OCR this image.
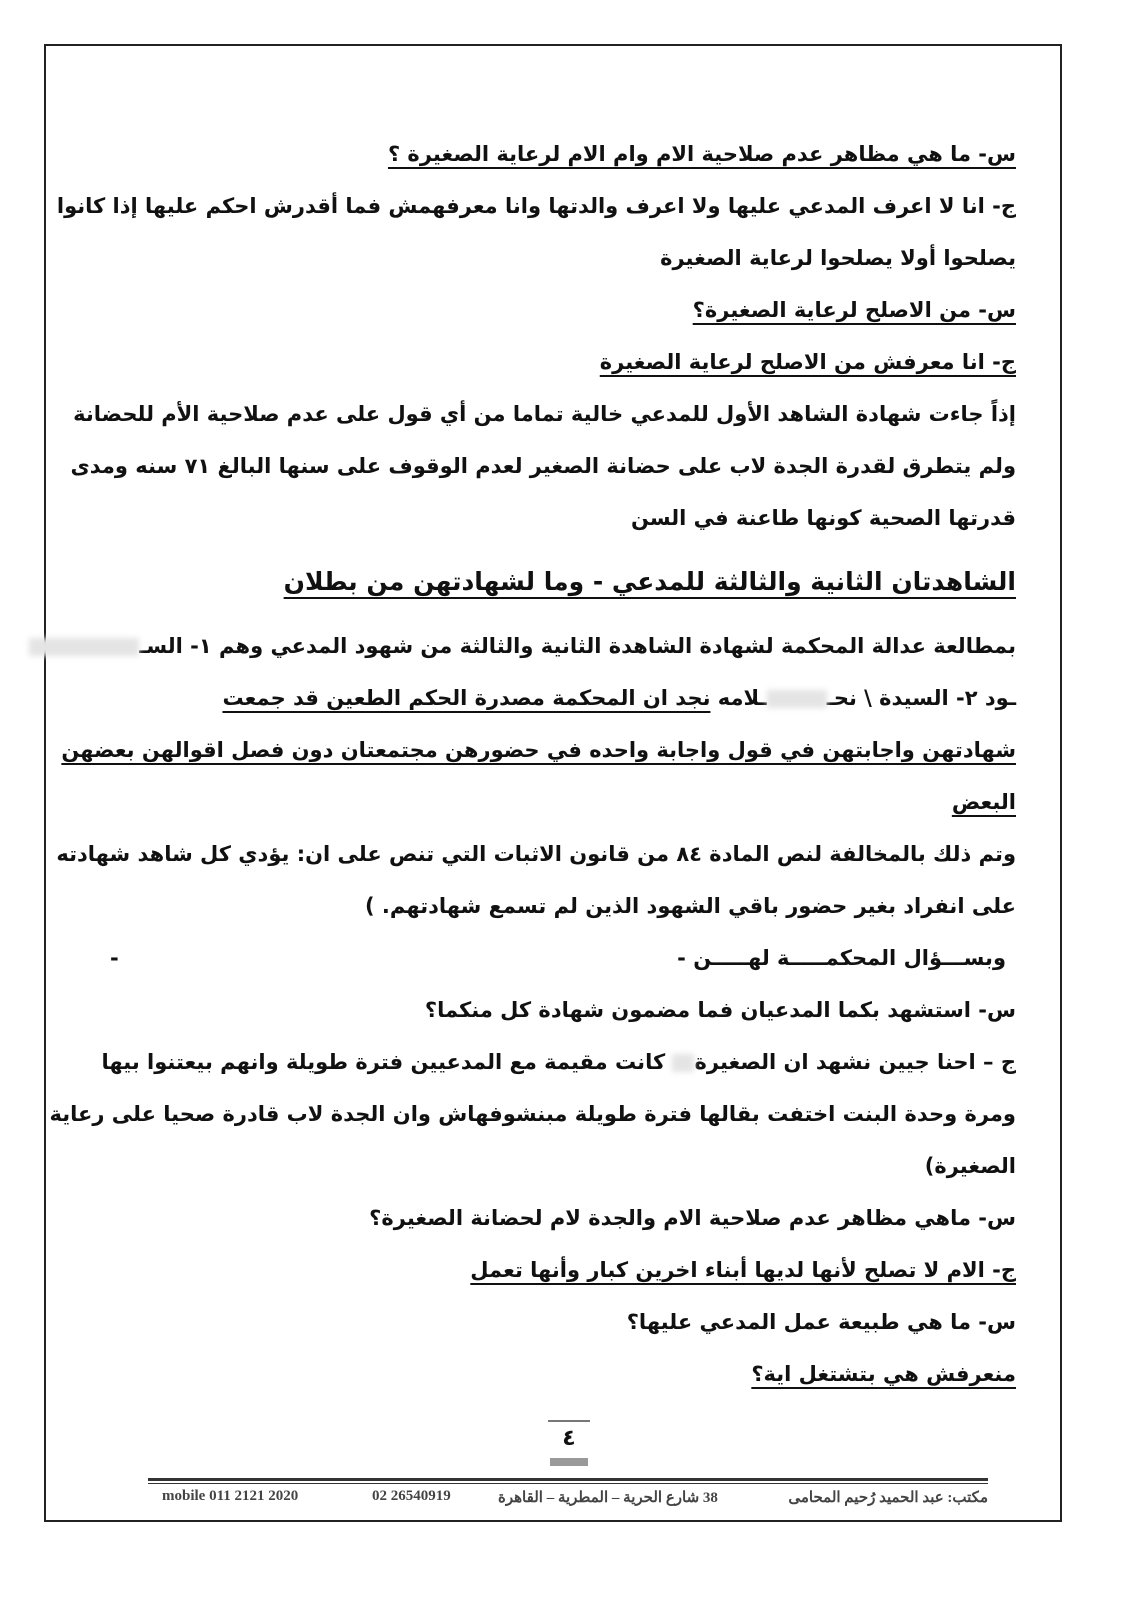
س- ما هي مظاهر عدم صلاحية الام وام الام لرعاية الصغيرة ؟
ج- انا لا اعرف المدعي عليها ولا اعرف والدتها وانا معرفهمش فما أقدرش احكم عليها إذا كانوا
يصلحوا أولا يصلحوا لرعاية الصغيرة
س- من الاصلح لرعاية الصغيرة؟
ج- انا معرفش من الاصلح لرعاية الصغيرة
إذاً جاءت شهادة الشاهد الأول للمدعي خالية تماما من أي قول على عدم صلاحية الأم للحضانة
ولم يتطرق لقدرة الجدة لاب على حضانة الصغير لعدم الوقوف على سنها البالغ ٧١ سنه ومدى
قدرتها الصحية كونها طاعنة في السن
الشاهدتان الثانية والثالثة للمدعي - وما لشهادتهن من بطلان
بمطالعة عدالة المحكمة لشهادة الشاهدة الثانية والثالثة من شهود المدعي وهم ١- السـ
ـود ٢- السيدة \ نحــلامه نجد ان المحكمة مصدرة الحكم الطعين قد جمعت
شهادتهن واجابتهن في قول واجابة واحده في حضورهن مجتمعتان دون فصل اقوالهن بعضهن
البعض
وتم ذلك بالمخالفة لنص المادة ٨٤ من قانون الاثبات التي تنص على ان: يؤدي كل شاهد شهادته
على انفراد بغير حضور باقي الشهود الذين لم تسمع شهادتهم. )
وبســـؤال المحكمـــــة لهـــــن -
-
س- استشهد بكما المدعيان فما مضمون شهادة كل منكما؟
ج – احنا جيين نشهد ان الصغيرة كانت مقيمة مع المدعيين فترة طويلة وانهم بيعتنوا بيها
ومرة وحدة البنت اختفت بقالها فترة طويلة مبنشوفهاش وان الجدة لاب قادرة صحيا على رعاية
الصغيرة)
س- ماهي مظاهر عدم صلاحية الام والجدة لام لحضانة الصغيرة؟
ج- الام لا تصلح لأنها لديها أبناء اخرين كبار وأنها تعمل
س- ما هي طبيعة عمل المدعي عليها؟
منعرفش هي بتشتغل اية؟
٤
mobile 011 2121 2020	02 26540919	38 شارع الحرية – المطرية – القاهرة	مكتب: عبد الحميد رُحيم المحامى
